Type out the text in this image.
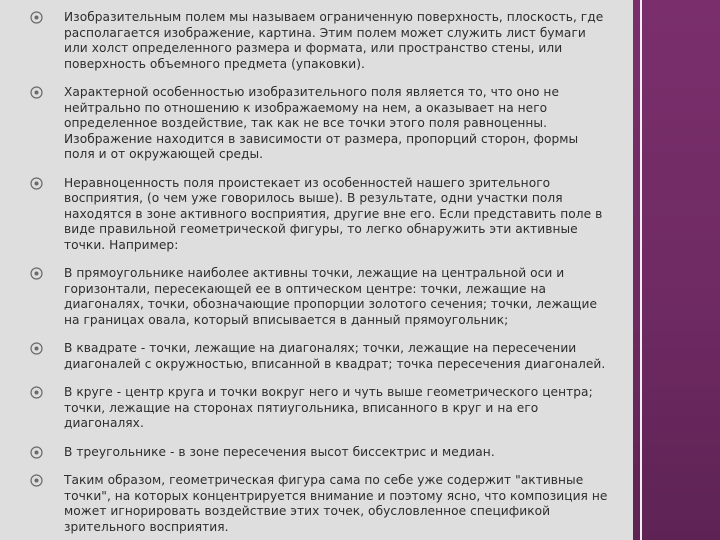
Изобразительным полем мы называем ограниченную поверхность, плоскость, где располагается изображение, картина. Этим полем может служить лист бумаги или холст определенного размера и формата, или пространство стены, или поверхность объемного предмета (упаковки).
Характерной особенностью изобразительного поля является то, что оно не нейтрально по отношению к изображаемому на нем, а оказывает на него определенное воздействие, так как не все точки этого поля равноценны. Изображение находится в зависимости от размера, пропорций сторон, формы поля и от окружающей среды.
Неравноценность поля проистекает из особенностей нашего зрительного восприятия, (о чем уже говорилось выше). В результате, одни участки поля находятся в зоне активного восприятия, другие вне его. Если представить поле в виде правильной геометрической фигуры, то легко обнаружить эти активные точки. Например:
В прямоугольнике наиболее активны точки, лежащие на центральной оси и горизонтали, пересекающей ее в оптическом центре: точки, лежащие на диагоналях, точки, обозначающие пропорции золотого сечения; точки, лежащие на границах овала, который вписывается в данный прямоугольник;
В квадрате - точки, лежащие на диагоналях; точки, лежащие на пересечении диагоналей с окружностью, вписанной в квадрат; точка пересечения диагоналей.
В круге - центр круга и точки вокруг него и чуть выше геометрического центра; точки, лежащие на сторонах пятиугольника, вписанного в круг и на его диагоналях.
В треугольнике - в зоне пересечения высот биссектрис и медиан.
Таким образом, геометрическая фигура сама по себе уже содержит "активные точки", на которых концентрируется внимание и поэтому ясно, что композиция не может игнорировать воздействие этих точек, обусловленное спецификой зрительного восприятия.
